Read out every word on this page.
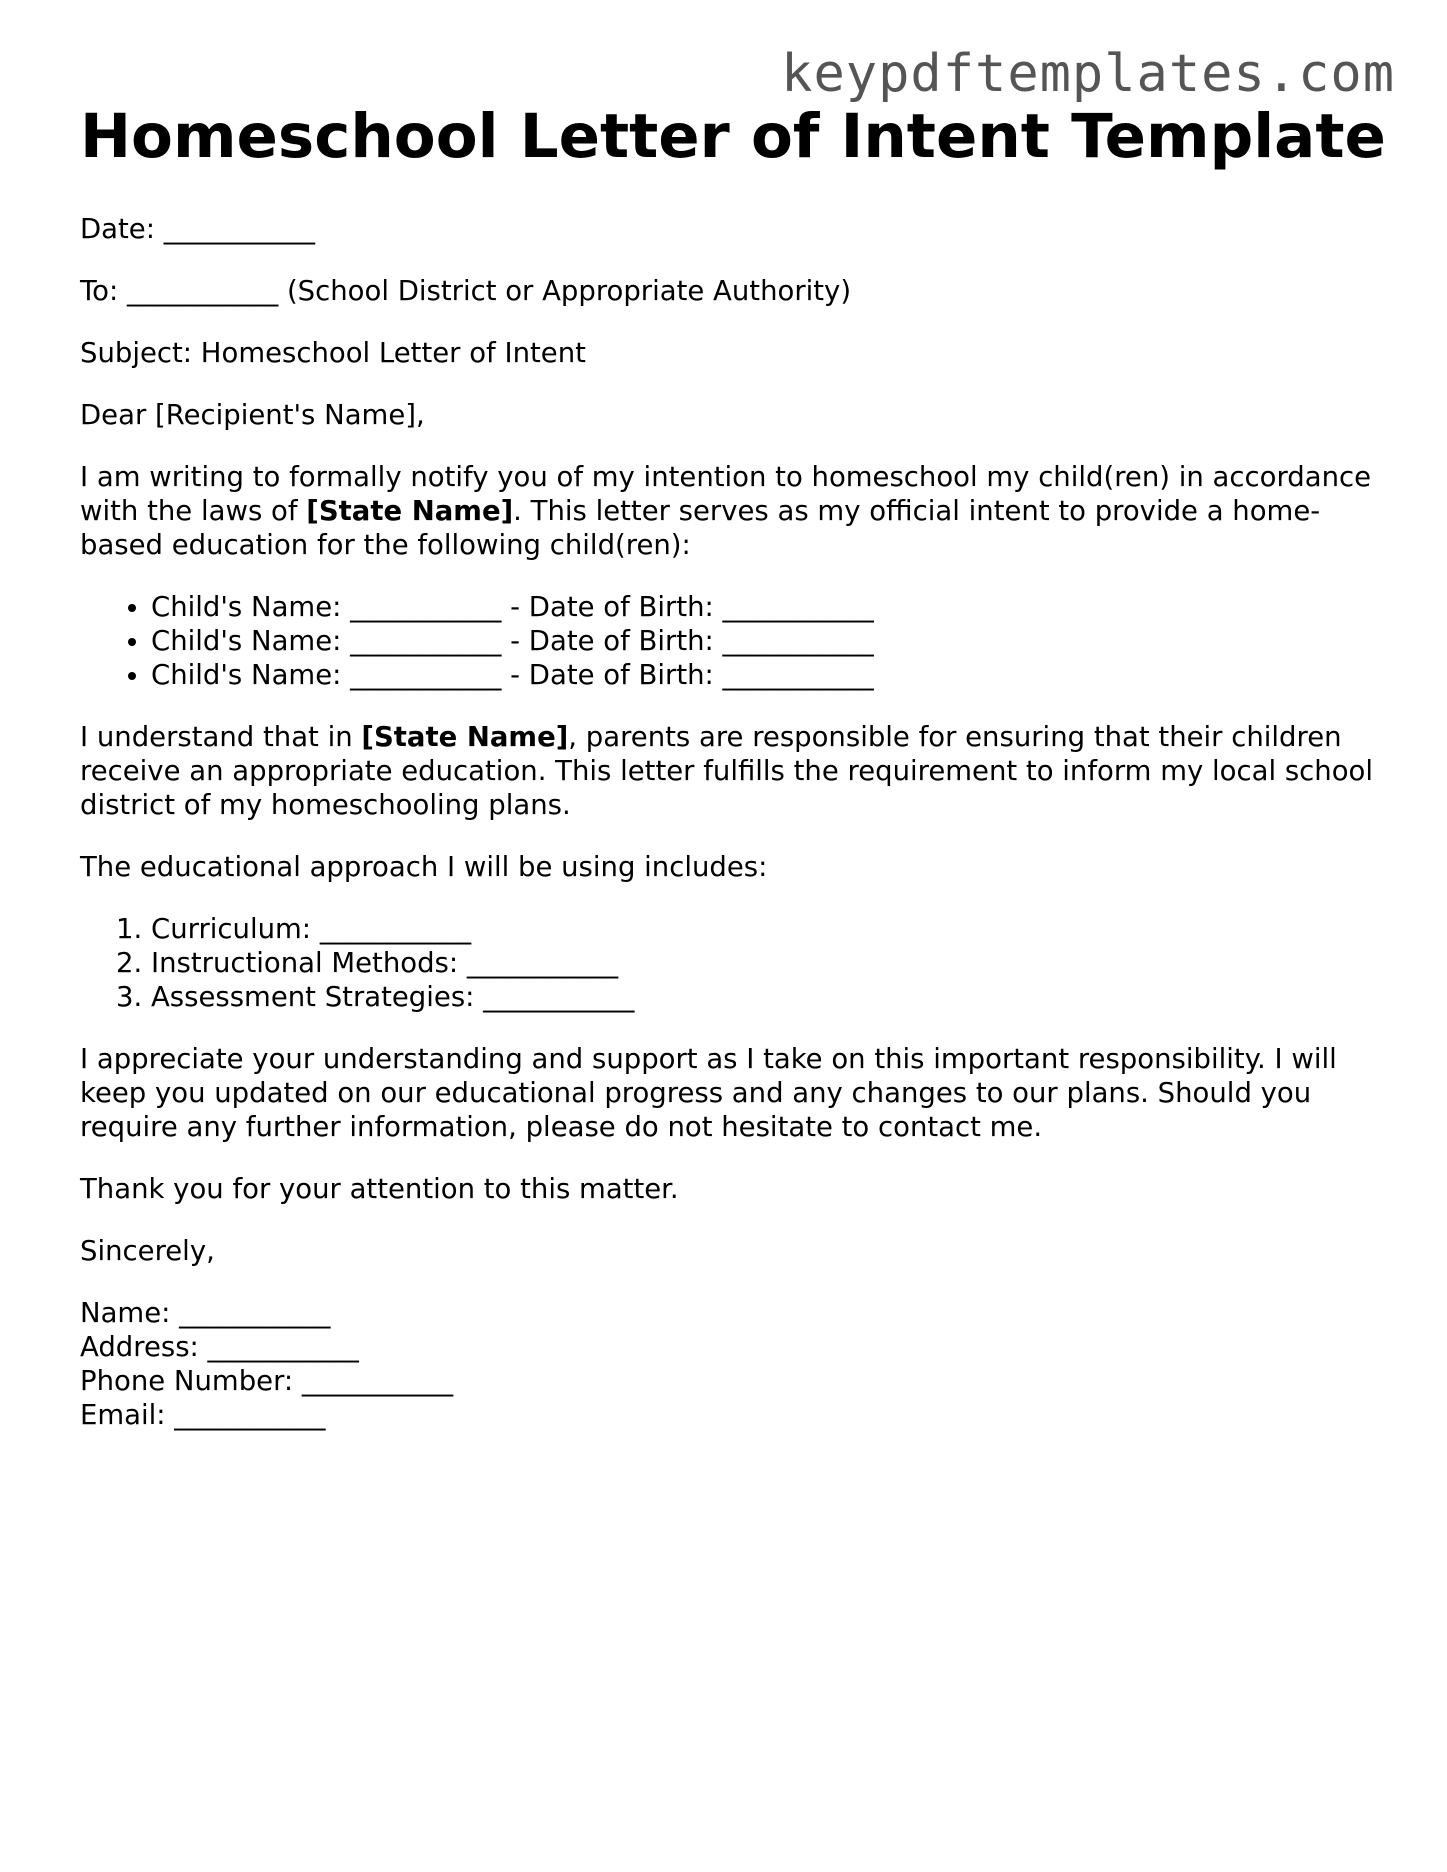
keypdftemplates.com
Homeschool Letter of Intent Template

Date: ___________

To: ___________ (School District or Appropriate Authority)

Subject: Homeschool Letter of Intent

Dear [Recipient's Name],

I am writing to formally notify you of my intention to homeschool my child(ren) in accordance with the laws of [State Name]. This letter serves as my official intent to provide a home-based education for the following child(ren):

• Child's Name: ___________ - Date of Birth: ___________
• Child's Name: ___________ - Date of Birth: ___________
• Child's Name: ___________ - Date of Birth: ___________

I understand that in [State Name], parents are responsible for ensuring that their children receive an appropriate education. This letter fulfills the requirement to inform my local school district of my homeschooling plans.

The educational approach I will be using includes:

1. Curriculum: ___________
2. Instructional Methods: ___________
3. Assessment Strategies: ___________

I appreciate your understanding and support as I take on this important responsibility. I will keep you updated on our educational progress and any changes to our plans. Should you require any further information, please do not hesitate to contact me.

Thank you for your attention to this matter.

Sincerely,

Name: ___________
Address: ___________
Phone Number: ___________
Email: ___________
